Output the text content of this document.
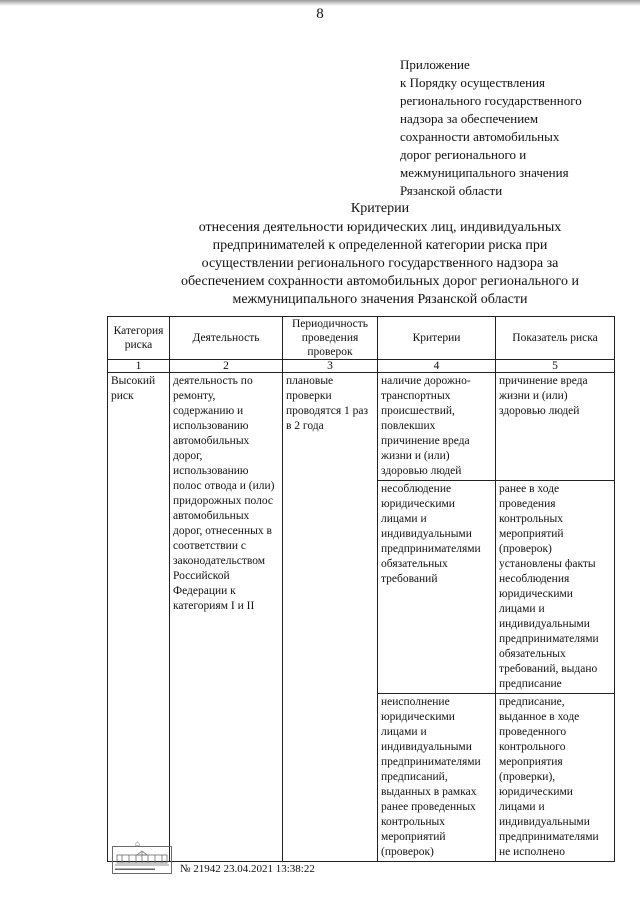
8
Приложение
к Порядку осуществления
регионального государственного
надзора за обеспечением
сохранности автомобильных
дорог регионального и
межмуниципального значения
Рязанской области
Критерии
отнесения деятельности юридических лиц, индивидуальных
предпринимателей к определенной категории риска при
осуществлении регионального государственного надзора за
обеспечением сохранности автомобильных дорог регионального и
межмуниципального значения Рязанской области
Категория риска	Деятельность	Периодичность проведения проверок	Критерии	Показатель риска
1	2	3	4	5
Высокий риск	деятельность по ремонту, содержанию и использованию автомобильных дорог, использованию полос отвода и (или) придорожных полос автомобильных дорог, отнесенных в соответствии с законодательством Российской Федерации к категориям I и II	плановые проверки проводятся 1 раз в 2 года	наличие дорожно-транспортных происшествий, повлекших причинение вреда жизни и (или) здоровью людей	причинение вреда жизни и (или) здоровью людей
			несоблюдение юридическими лицами и индивидуальными предпринимателями обязательных требований	ранее в ходе проведения контрольных мероприятий (проверок) установлены факты несоблюдения юридическими лицами и индивидуальными предпринимателями обязательных требований, выдано предписание
			неисполнение юридическими лицами и индивидуальными предпринимателями предписаний, выданных в рамках ранее проведенных контрольных мероприятий (проверок)	предписание, выданное в ходе проведенного контрольного мероприятия (проверки), юридическими лицами и индивидуальными предпринимателями не исполнено
⌂
▬▬▬▬▬▬▬▬ № 21942 23.04.2021 13:38:22
